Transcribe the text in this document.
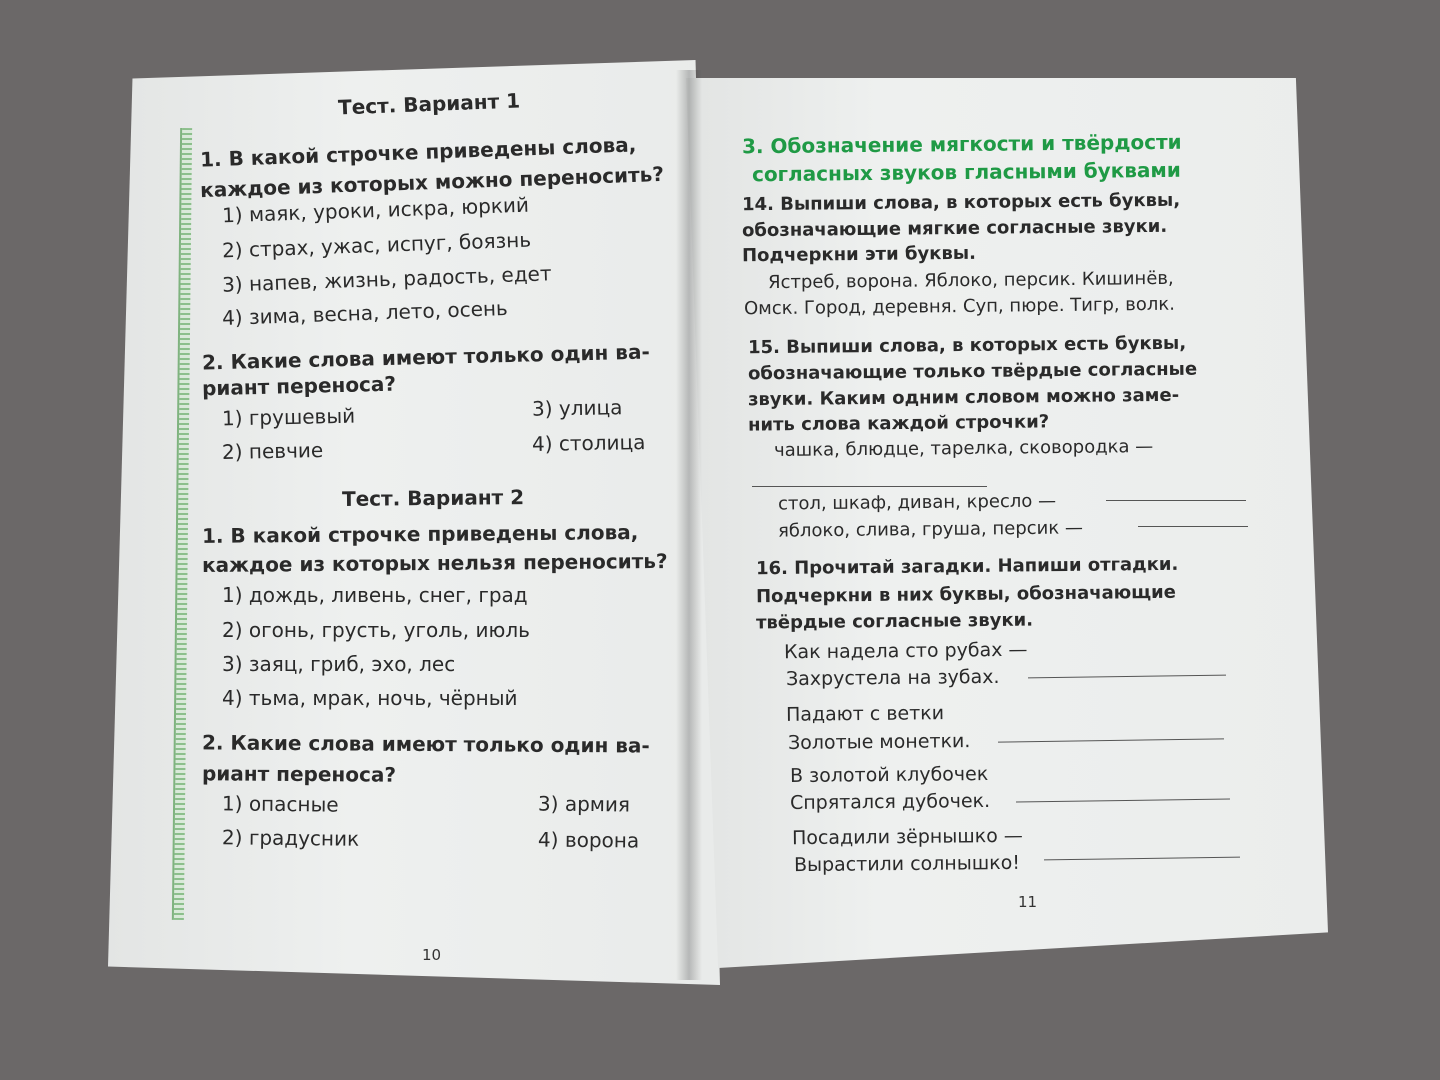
Тест. Вариант 1
1. В какой строчке приведены слова,
каждое из которых можно переносить?
1) маяк, уроки, искра, юркий
2) страх, ужас, испуг, боязнь
3) напев, жизнь, радость, едет
4) зима, весна, лето, осень
2. Какие слова имеют только один ва-
риант переноса?
1) грушевый
2) певчие
3) улица
4) столица
Тест. Вариант 2
1. В какой строчке приведены слова,
каждое из которых нельзя переносить?
1) дождь, ливень, снег, град
2) огонь, грусть, уголь, июль
3) заяц, гриб, эхо, лес
4) тьма, мрак, ночь, чёрный
2. Какие слова имеют только один ва-
риант переноса?
1) опасные
2) градусник
3) армия
4) ворона
10
3. Обозначение мягкости и твёрдости
согласных звуков гласными буквами
14. Выпиши слова, в которых есть буквы,
обозначающие мягкие согласные звуки.
Подчеркни эти буквы.
Ястреб, ворона. Яблоко, персик. Кишинёв,
Омск. Город, деревня. Суп, пюре. Тигр, волк.
15. Выпиши слова, в которых есть буквы,
обозначающие только твёрдые согласные
звуки. Каким одним словом можно заме-
нить слова каждой строчки?
чашка, блюдце, тарелка, сковородка —
стол, шкаф, диван, кресло —
яблоко, слива, груша, персик —
16. Прочитай загадки. Напиши отгадки.
Подчеркни в них буквы, обозначающие
твёрдые согласные звуки.
Как надела сто рубах —
Захрустела на зубах.
Падают с ветки
Золотые монетки.
В золотой клубочек
Спрятался дубочек.
Посадили зёрнышко —
Вырастили солнышко!
11
